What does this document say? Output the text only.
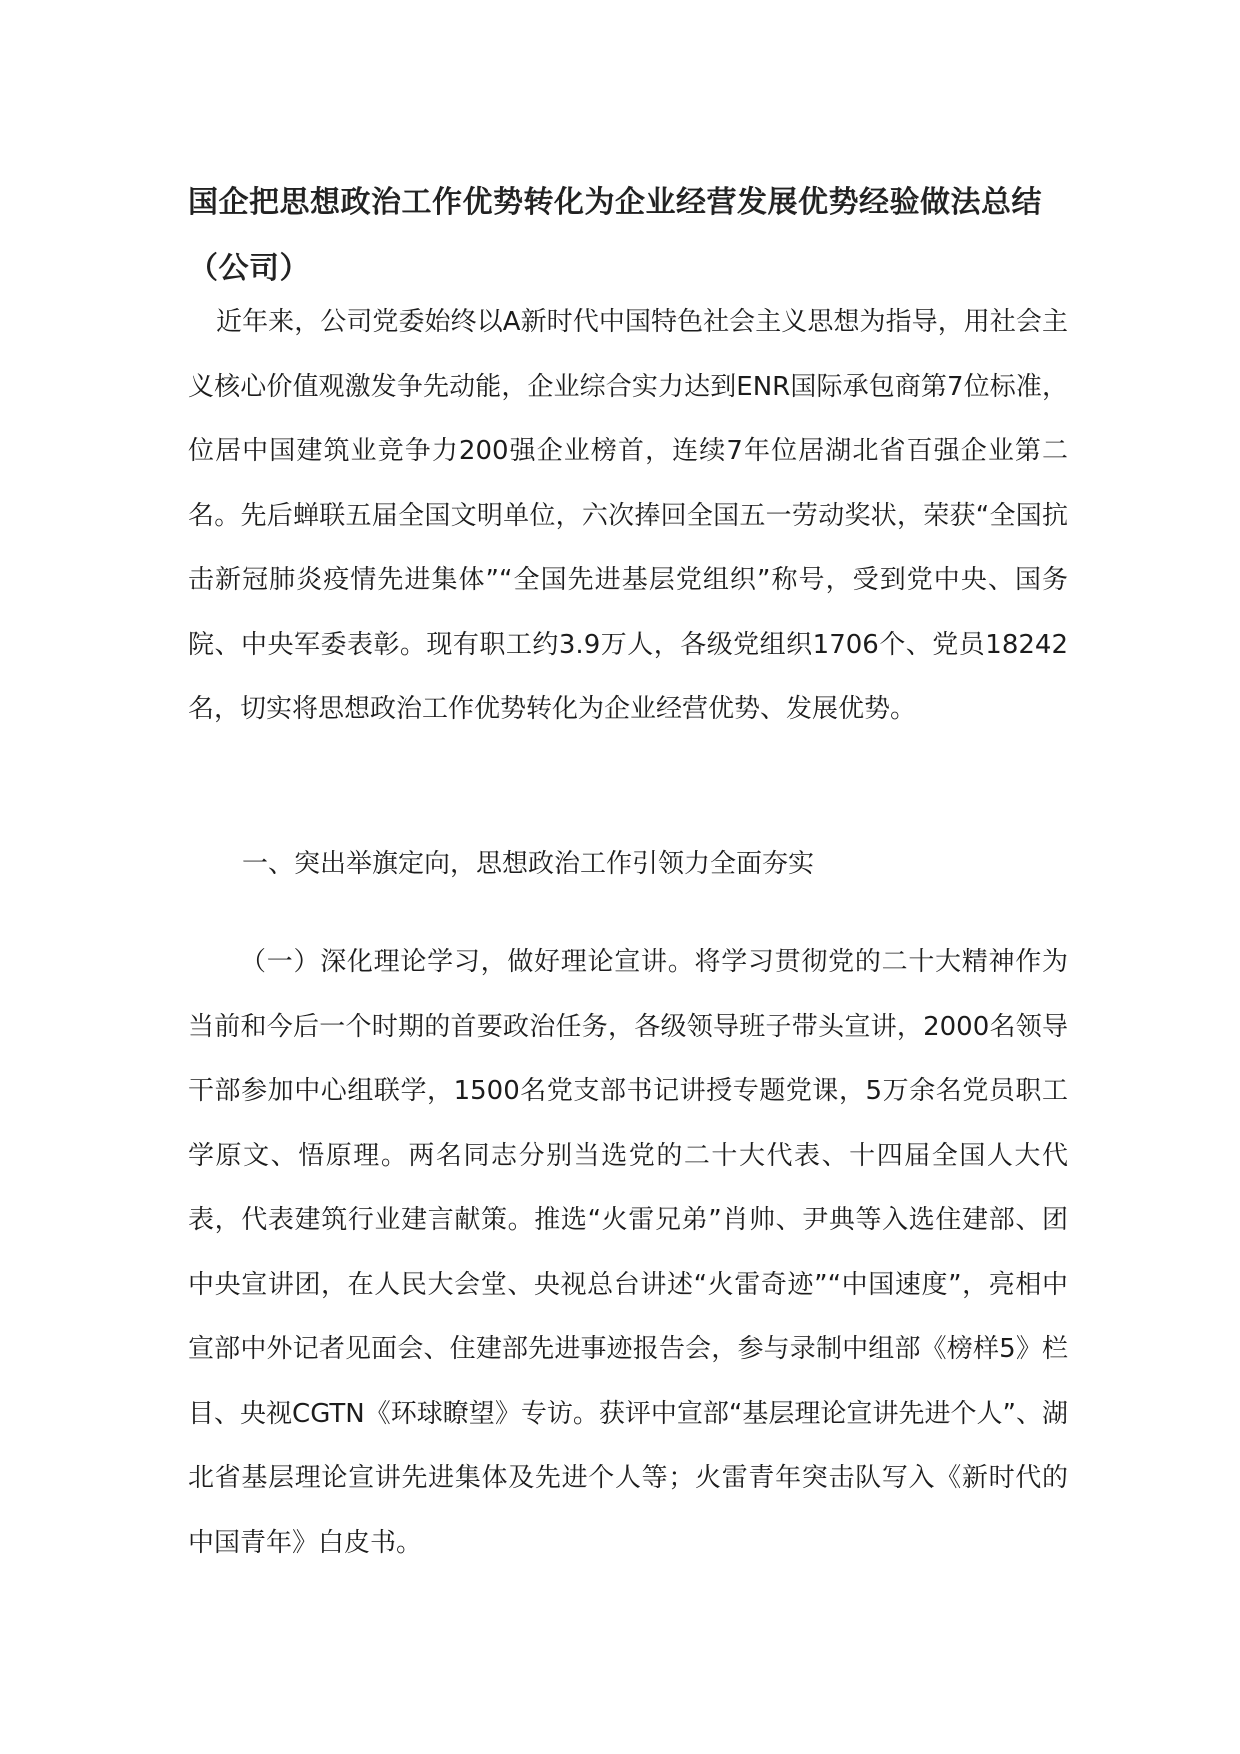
国企把思想政治工作优势转化为企业经营发展优势经验做法总结（公司）

近年来，公司党委始终以A新时代中国特色社会主义思想为指导，用社会主义核心价值观激发争先动能，企业综合实力达到ENR国际承包商第7位标准，位居中国建筑业竞争力200强企业榜首，连续7年位居湖北省百强企业第二名。先后蝉联五届全国文明单位，六次捧回全国五一劳动奖状，荣获“全国抗击新冠肺炎疫情先进集体”“全国先进基层党组织”称号，受到党中央、国务院、中央军委表彰。现有职工约3.9万人，各级党组织1706个、党员18242名，切实将思想政治工作优势转化为企业经营优势、发展优势。

一、突出举旗定向，思想政治工作引领力全面夯实

（一）深化理论学习，做好理论宣讲。将学习贯彻党的二十大精神作为当前和今后一个时期的首要政治任务，各级领导班子带头宣讲，2000名领导干部参加中心组联学，1500名党支部书记讲授专题党课，5万余名党员职工学原文、悟原理。两名同志分别当选党的二十大代表、十四届全国人大代表，代表建筑行业建言献策。推选“火雷兄弟”肖帅、尹典等入选住建部、团中央宣讲团，在人民大会堂、央视总台讲述“火雷奇迹”“中国速度”，亮相中宣部中外记者见面会、住建部先进事迹报告会，参与录制中组部《榜样5》栏目、央视CGTN《环球瞭望》专访。获评中宣部“基层理论宣讲先进个人”、湖北省基层理论宣讲先进集体及先进个人等；火雷青年突击队写入《新时代的中国青年》白皮书。
